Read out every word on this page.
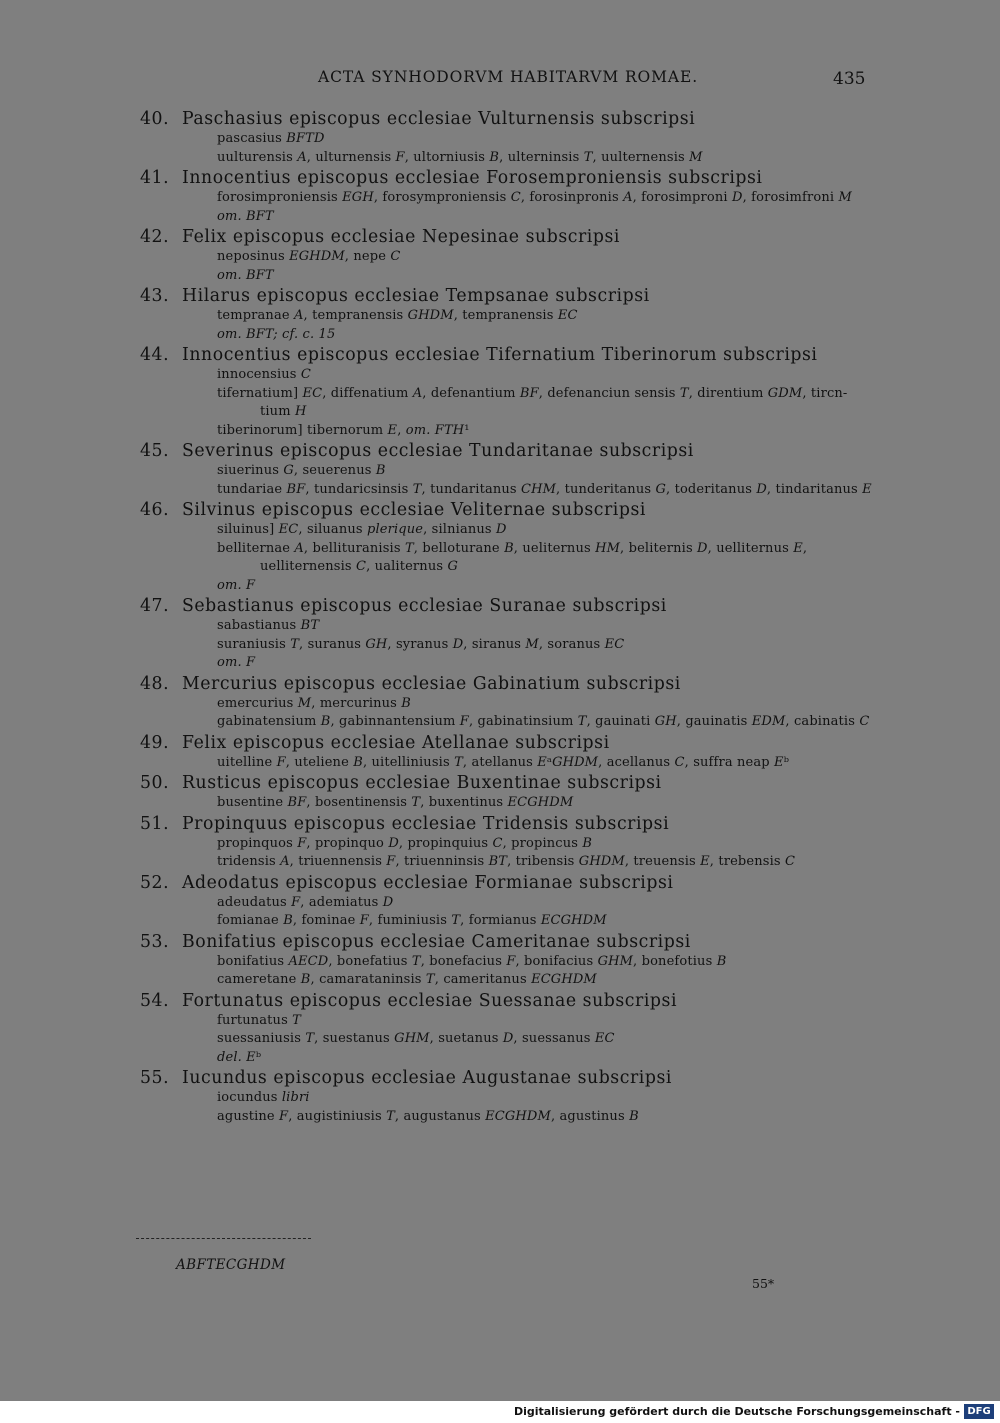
ACTA SYNHODORVM HABITARVM ROMAE.	435
40. Paschasius episcopus ecclesiae Vulturnensis subscripsi
pascasius BFTD
uulturensis A, ulturnensis F, ultorniusis B, ulterninsis T, uulternensis M
41. Innocentius episcopus ecclesiae Forosemproniensis subscripsi
forosimproniensis EGH, forosymproniensis C, forosinpronis A, forosimproni D, forosimfroni M
om. BFT
42. Felix episcopus ecclesiae Nepesinae subscripsi
neposinus EGHDM, nepe C
om. BFT
43. Hilarus episcopus ecclesiae Tempsanae subscripsi
tempranae A, tempranensis GHDM, tempranensis EC
om. BFT; cf. c. 15
44. Innocentius episcopus ecclesiae Tifernatium Tiberinorum subscripsi
innocensius C
tifernatium] EC, diffenatium A, defenantium BF, defenanciun sensis T, direntium GDM, tircn-
tium H
tiberinorum] tibernorum E, om. FTH¹
45. Severinus episcopus ecclesiae Tundaritanae subscripsi
siuerinus G, seuerenus B
tundariae BF, tundaricsinsis T, tundaritanus CHM, tunderitanus G, toderitanus D, tindaritanus E
46. Silvinus episcopus ecclesiae Veliternae subscripsi
siluinus] EC, siluanus plerique, silnianus D
belliternae A, bellituranisis T, belloturane B, ueliternus HM, beliternis D, uelliternus E,
uelliternensis C, ualiternus G
om. F
47. Sebastianus episcopus ecclesiae Suranae subscripsi
sabastianus BT
suraniusis T, suranus GH, syranus D, siranus M, soranus EC
om. F
48. Mercurius episcopus ecclesiae Gabinatium subscripsi
emercurius M, mercurinus B
gabinatensium B, gabinnantensium F, gabinatinsium T, gauinati GH, gauinatis EDM, cabinatis C
49. Felix episcopus ecclesiae Atellanae subscripsi
uitelline F, uteliene B, uitelliniusis T, atellanus EᵃGHDM, acellanus C, suffra neap Eᵇ
50. Rusticus episcopus ecclesiae Buxentinae subscripsi
busentine BF, bosentinensis T, buxentinus ECGHDM
51. Propinquus episcopus ecclesiae Tridensis subscripsi
propinquos F, propinquo D, propinquius C, propincus B
tridensis A, triuennensis F, triuenninsis BT, tribensis GHDM, treuensis E, trebensis C
52. Adeodatus episcopus ecclesiae Formianae subscripsi
adeudatus F, ademiatus D
fomianae B, fominae F, fuminiusis T, formianus ECGHDM
53. Bonifatius episcopus ecclesiae Cameritanae subscripsi
bonifatius AECD, bonefatius T, bonefacius F, bonifacius GHM, bonefotius B
cameretane B, camarataninsis T, cameritanus ECGHDM
54. Fortunatus episcopus ecclesiae Suessanae subscripsi
furtunatus T
suessaniusis T, suestanus GHM, suetanus D, suessanus EC
del. Eᵇ
55. Iucundus episcopus ecclesiae Augustanae subscripsi
iocundus libri
agustine F, augistiniusis T, augustanus ECGHDM, agustinus B
ABFTECGHDM
55*
Digitalisierung gefördert durch die Deutsche Forschungsgemeinschaft - DFG
